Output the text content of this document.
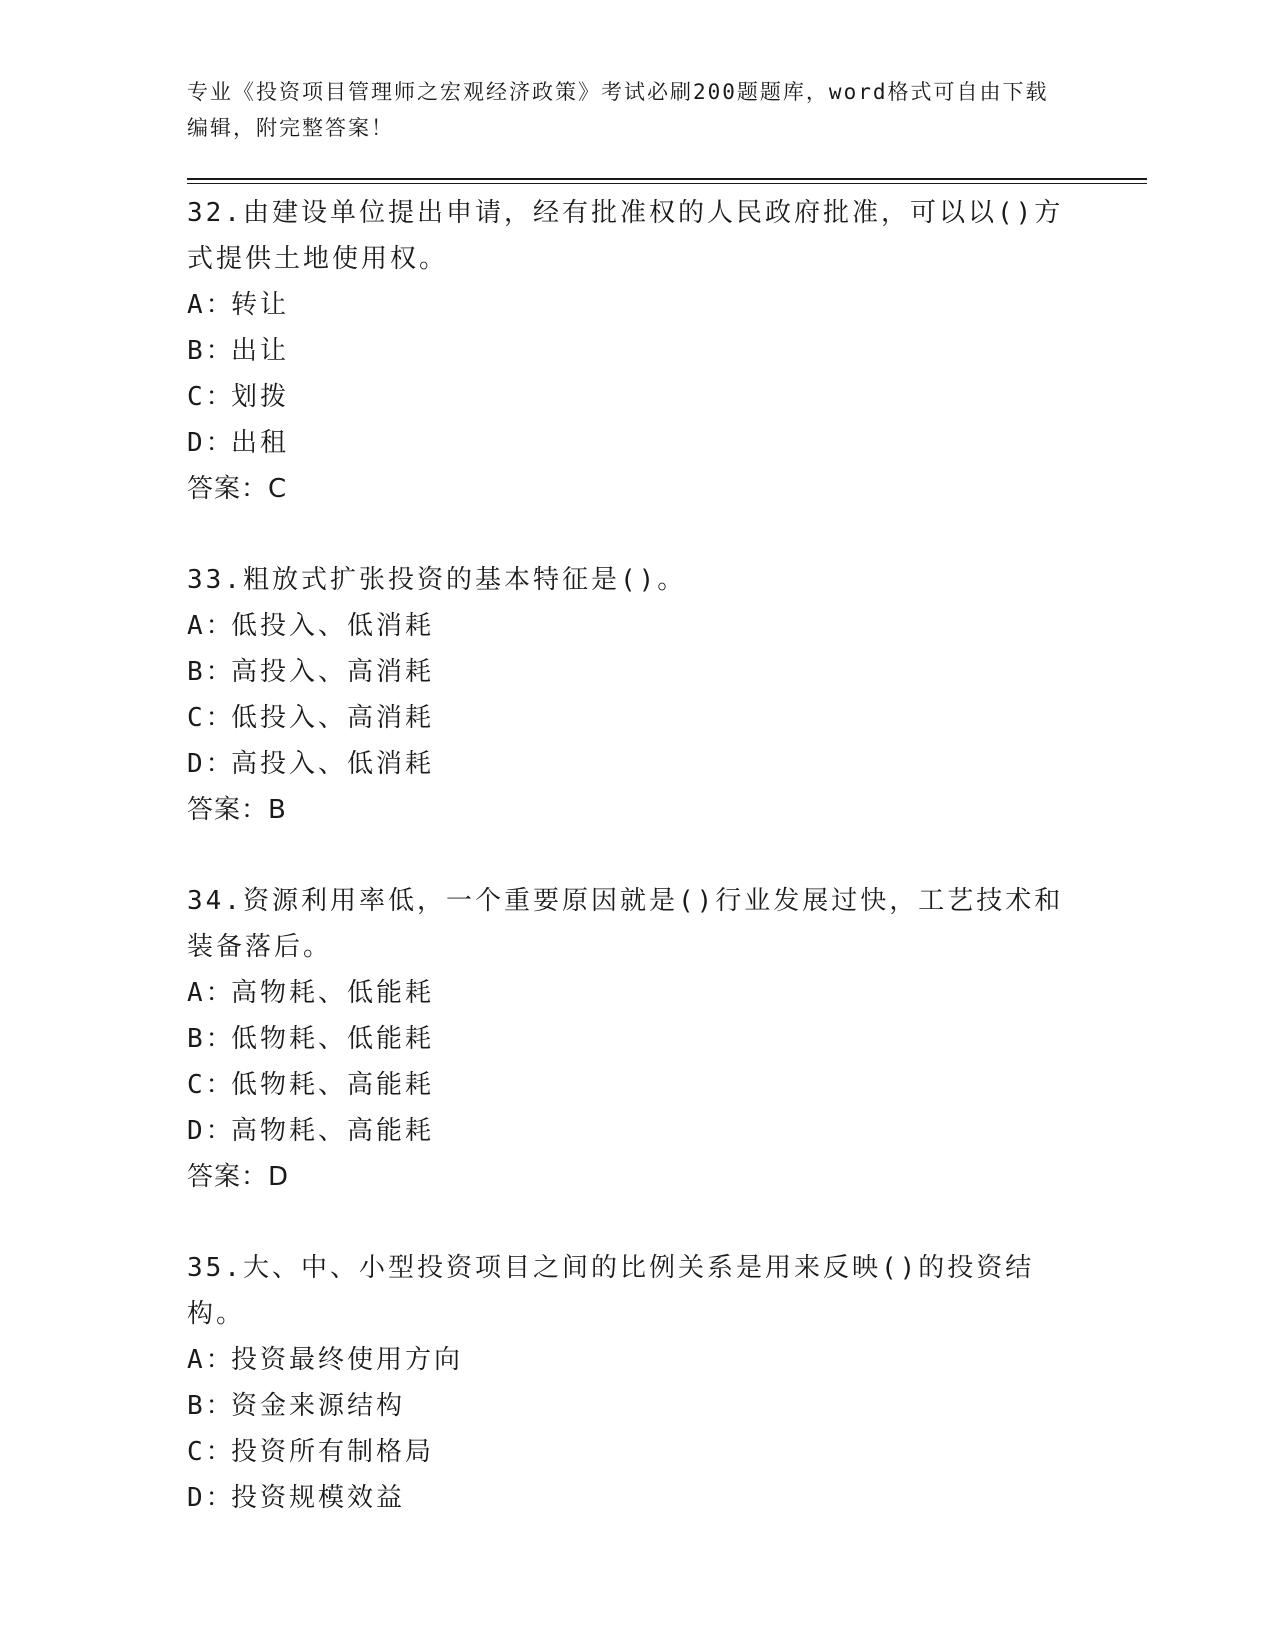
专业《投资项目管理师之宏观经济政策》考试必刷200题题库，word格式可自由下载编辑，附完整答案！

32.由建设单位提出申请，经有批准权的人民政府批准，可以以()方式提供土地使用权。

A：转让

B：出让

C：划拨

D：出租

答案：C

33.粗放式扩张投资的基本特征是()。

A：低投入、低消耗

B：高投入、高消耗

C：低投入、高消耗

D：高投入、低消耗

答案：B

34.资源利用率低，一个重要原因就是()行业发展过快，工艺技术和装备落后。

A：高物耗、低能耗

B：低物耗、低能耗

C：低物耗、高能耗

D：高物耗、高能耗

答案：D

35.大、中、小型投资项目之间的比例关系是用来反映()的投资结构。

A：投资最终使用方向

B：资金来源结构

C：投资所有制格局

D：投资规模效益
